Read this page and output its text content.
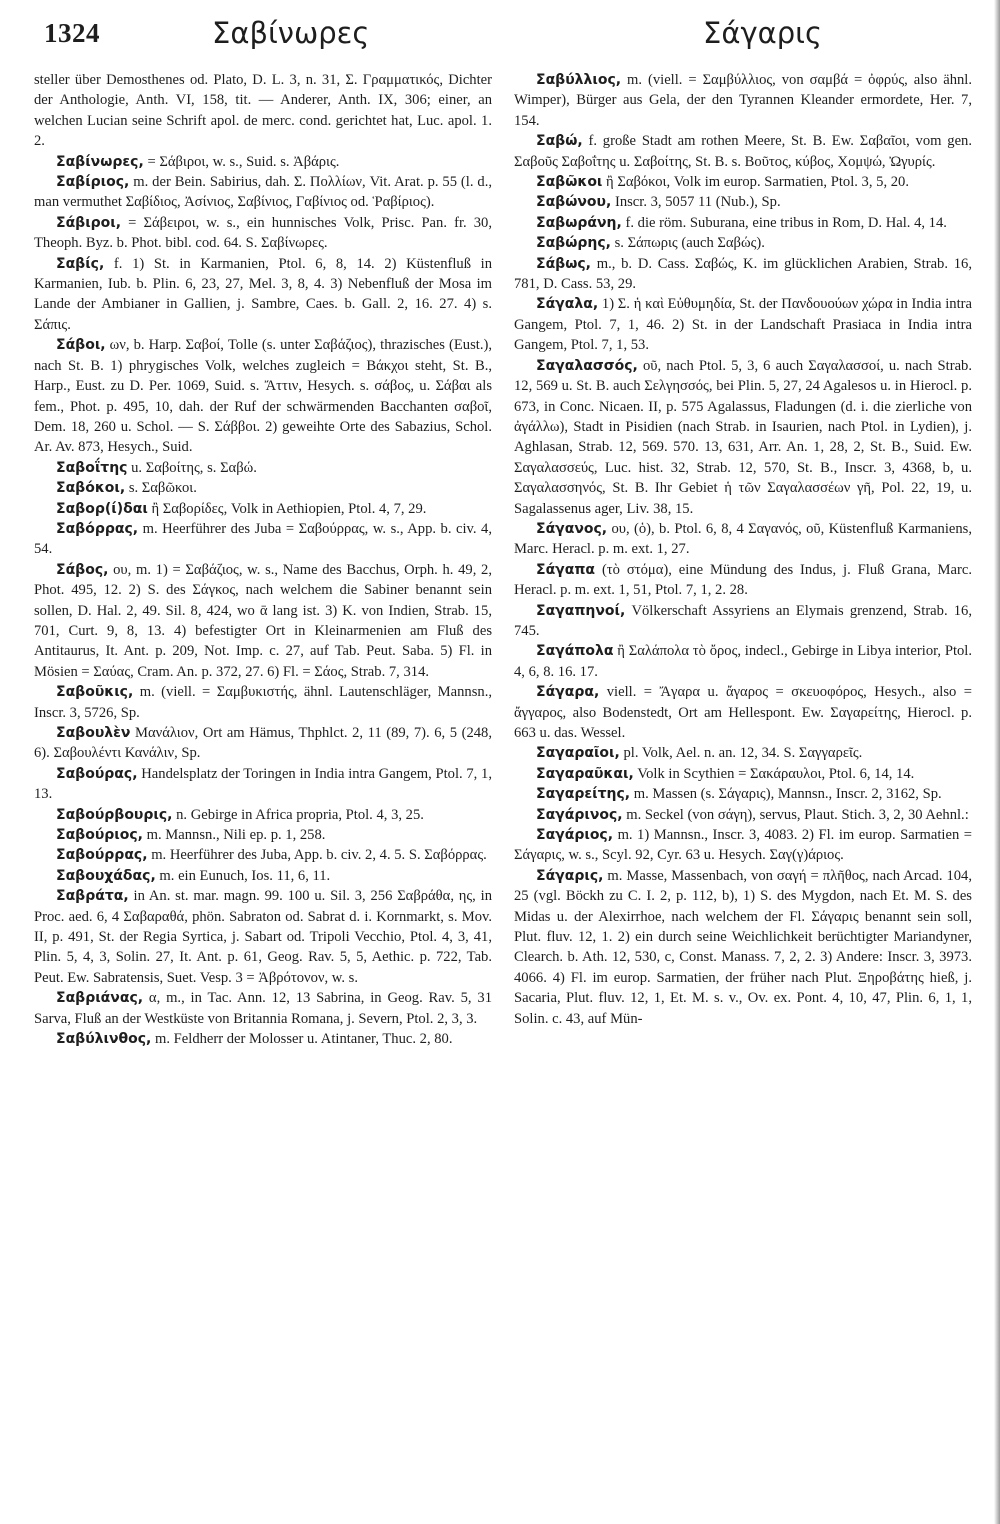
1324	Σαβίνωρες	Σάγαρις

steller über Demosthenes od. Plato, D. L. 3, n. 31, Σ. Γραμματικός, Dichter der Anthologie, Anth. VI, 158, tit. — Anderer, Anth. IX, 306; einer, an welchen Lucian seine Schrift apol. de merc. cond. gerichtet hat, Luc. apol. 1. 2.

Σαβίνωρες, = Σάβιροι, w. s., Suid. s. Ἀβάρις.

Σαβίριος, m. der Bein. Sabirius, dah. Σ. Πολλίων, Vit. Arat. p. 55 (l. d., man vermuthet Σαβίδιος, Ἀσίνιος, Σαβίνιος, Γαβίνιος od. Ῥαβίριος).

Σάβιροι, = Σάβειροι, w. s., ein hunnisches Volk, Prisc. Pan. fr. 30, Theoph. Byz. b. Phot. bibl. cod. 64. S. Σαβίνωρες.

Σαβίς, f. 1) St. in Karmanien, Ptol. 6, 8, 14. 2) Küstenfluß in Karmanien, Iub. b. Plin. 6, 23, 27, Mel. 3, 8, 4. 3) Nebenfluß der Mosa im Lande der Ambianer in Gallien, j. Sambre, Caes. b. Gall. 2, 16. 27. 4) s. Σάπις.

Σάβοι, ων, b. Harp. Σαβοί, Tolle (s. unter Σαβάζιος), thrazisches (Eust.), nach St. B. 1) phrygisches Volk, welches zugleich = Βάκχοι steht, St. B., Harp., Eust. zu D. Per. 1069, Suid. s. Ἄττιν, Hesych. s. σάβος, u. Σάβαι als fem., Phot. p. 495, 10, dah. der Ruf der schwärmenden Bacchanten σαβοῖ, Dem. 18, 260 u. Schol. — S. Σάββοι. 2) geweihte Orte des Sabazius, Schol. Ar. Av. 873, Hesych., Suid.

Σαβοΐτης u. Σαβοίτης, s. Σαβώ.

Σαβόκοι, s. Σαβῶκοι.

Σαβορ(ί)δαι ἢ Σαβορίδες, Volk in Aethiopien, Ptol. 4, 7, 29.

Σαβόρρας, m. Heerführer des Juba = Σαβούρρας, w. s., App. b. civ. 4, 54.

Σάβος, ου, m. 1) = Σαβάζιος, w. s., Name des Bacchus, Orph. h. 49, 2, Phot. 495, 12. 2) S. des Σάγκος, nach welchem die Sabiner benannt sein sollen, D. Hal. 2, 49. Sil. 8, 424, wo ᾱ lang ist. 3) K. von Indien, Strab. 15, 701, Curt. 9, 8, 13. 4) befestigter Ort in Kleinarmenien am Fluß des Antitaurus, It. Ant. p. 209, Not. Imp. c. 27, auf Tab. Peut. Saba. 5) Fl. in Mösien = Σαύας, Cram. An. p. 372, 27. 6) Fl. = Σάος, Strab. 7, 314.

Σαβοῦκις, m. (viell. = Σαμβυκιστής, ähnl. Lautenschläger, Mannsn., Inscr. 3, 5726, Sp.

Σαβουλὲν Μανάλιον, Ort am Hämus, Thphlct. 2, 11 (89, 7). 6, 5 (248, 6). Σαβουλέντι Κανάλιν, Sp.

Σαβούρας, Handelsplatz der Toringen in India intra Gangem, Ptol. 7, 1, 13.

Σαβούρβουρις, n. Gebirge in Africa propria, Ptol. 4, 3, 25.

Σαβούριος, m. Mannsn., Nili ep. p. 1, 258.

Σαβούρρας, m. Heerführer des Juba, App. b. civ. 2, 4. 5. S. Σαβόρρας.

Σαβουχάδας, m. ein Eunuch, Ios. 11, 6, 11.

Σαβράτα, in An. st. mar. magn. 99. 100 u. Sil. 3, 256 Σαβράθα, ης, in Proc. aed. 6, 4 Σαβαραθά, phön. Sabraton od. Sabrat d. i. Kornmarkt, s. Mov. II, p. 491, St. der Regia Syrtica, j. Sabart od. Tripoli Vecchio, Ptol. 4, 3, 41, Plin. 5, 4, 3, Solin. 27, It. Ant. p. 61, Geog. Rav. 5, 5, Aethic. p. 722, Tab. Peut. Ew. Sabratensis, Suet. Vesp. 3 = Ἀβρότονον, w. s.

Σαβριάνας, α, m., in Tac. Ann. 12, 13 Sabrina, in Geog. Rav. 5, 31 Sarva, Fluß an der Westküste von Britannia Romana, j. Severn, Ptol. 2, 3, 3.

Σαβύλινθος, m. Feldherr der Molosser u. Atintaner, Thuc. 2, 80.

Σαβύλλιος, m. (viell. = Σαμβύλλιος, von σαμβά = ὀφρύς, also ähnl. Wimper), Bürger aus Gela, der den Tyrannen Kleander ermordete, Her. 7, 154.

Σαβώ, f. große Stadt am rothen Meere, St. B. Ew. Σαβαῖοι, vom gen. Σαβοῦς Σαβοΐτης u. Σαβοίτης, St. B. s. Βοῦτος, κύβος, Χομψώ, Ὠγυρίς.

Σαβῶκοι ἢ Σαβόκοι, Volk im europ. Sarmatien, Ptol. 3, 5, 20.

Σαβώνου, Inscr. 3, 5057 11 (Nub.), Sp.

Σαβωράνη, f. die röm. Suburana, eine tribus in Rom, D. Hal. 4, 14.

Σαβώρης, s. Σάπωρις (auch Σαβώς).

Σάβως, m., b. D. Cass. Σαβώς, K. im glücklichen Arabien, Strab. 16, 781, D. Cass. 53, 29.

Σάγαλα, 1) Σ. ἡ καὶ Εὐθυμηδία, St. der Πανδουούων χώρα in India intra Gangem, Ptol. 7, 1, 46. 2) St. in der Landschaft Prasiaca in India intra Gangem, Ptol. 7, 1, 53.

Σαγαλασσός, οῦ, nach Ptol. 5, 3, 6 auch Σαγαλασσοί, u. nach Strab. 12, 569 u. St. B. auch Σελγησσός, bei Plin. 5, 27, 24 Agalesos u. in Hierocl. p. 673, in Conc. Nicaen. II, p. 575 Agalassus, Fladungen (d. i. die zierliche von ἀγάλλω), Stadt in Pisidien (nach Strab. in Isaurien, nach Ptol. in Lydien), j. Aghlasan, Strab. 12, 569. 570. 13, 631, Arr. An. 1, 28, 2, St. B., Suid. Ew. Σαγαλασσεύς, Luc. hist. 32, Strab. 12, 570, St. B., Inscr. 3, 4368, b, u. Σαγαλασσηνός, St. B. Ihr Gebiet ἡ τῶν Σαγαλασσέων γῆ, Pol. 22, 19, u. Sagalassenus ager, Liv. 38, 15.

Σάγανος, ου, (ὁ), b. Ptol. 6, 8, 4 Σαγανός, οῦ, Küstenfluß Karmaniens, Marc. Heracl. p. m. ext. 1, 27.

Σάγαπα (τὸ στόμα), eine Mündung des Indus, j. Fluß Grana, Marc. Heracl. p. m. ext. 1, 51, Ptol. 7, 1, 2. 28.

Σαγαπηνοί, Völkerschaft Assyriens an Elymais grenzend, Strab. 16, 745.

Σαγάπολα ἢ Σαλάπολα τὸ ὄρος, indecl., Gebirge in Libya interior, Ptol. 4, 6, 8. 16. 17.

Σάγαρα, viell. = Ἄγαρα u. ἄγαρος = σκευοφόρος, Hesych., also = ἄγγαρος, also Bodenstedt, Ort am Hellespont. Ew. Σαγαρείτης, Hierocl. p. 663 u. das. Wessel.

Σαγαραῖοι, pl. Volk, Ael. n. an. 12, 34. S. Σαγγαρεῖς.

Σαγαραῦκαι, Volk in Scythien = Σακάραυλοι, Ptol. 6, 14, 14.

Σαγαρείτης, m. Massen (s. Σάγαρις), Mannsn., Inscr. 2, 3162, Sp.

Σαγάρινος, m. Seckel (von σάγη), servus, Plaut. Stich. 3, 2, 30 Aehnl.:

Σαγάριος, m. 1) Mannsn., Inscr. 3, 4083. 2) Fl. im europ. Sarmatien = Σάγαρις, w. s., Scyl. 92, Cyr. 63 u. Hesych. Σαγ(γ)άριος.

Σάγαρις, m. Masse, Massenbach, von σαγή = πλῆθος, nach Arcad. 104, 25 (vgl. Böckh zu C. I. 2, p. 112, b), 1) S. des Mygdon, nach Et. M. S. des Midas u. der Alexirrhoe, nach welchem der Fl. Σάγαρις benannt sein soll, Plut. fluv. 12, 1. 2) ein durch seine Weichlichkeit berüchtigter Mariandyner, Clearch. b. Ath. 12, 530, c, Const. Manass. 7, 2, 2. 3) Andere: Inscr. 3, 3973. 4066. 4) Fl. im europ. Sarmatien, der früher nach Plut. Ξηροβάτης hieß, j. Sacaria, Plut. fluv. 12, 1, Et. M. s. v., Ov. ex. Pont. 4, 10, 47, Plin. 6, 1, 1, Solin. c. 43, auf Mün-
